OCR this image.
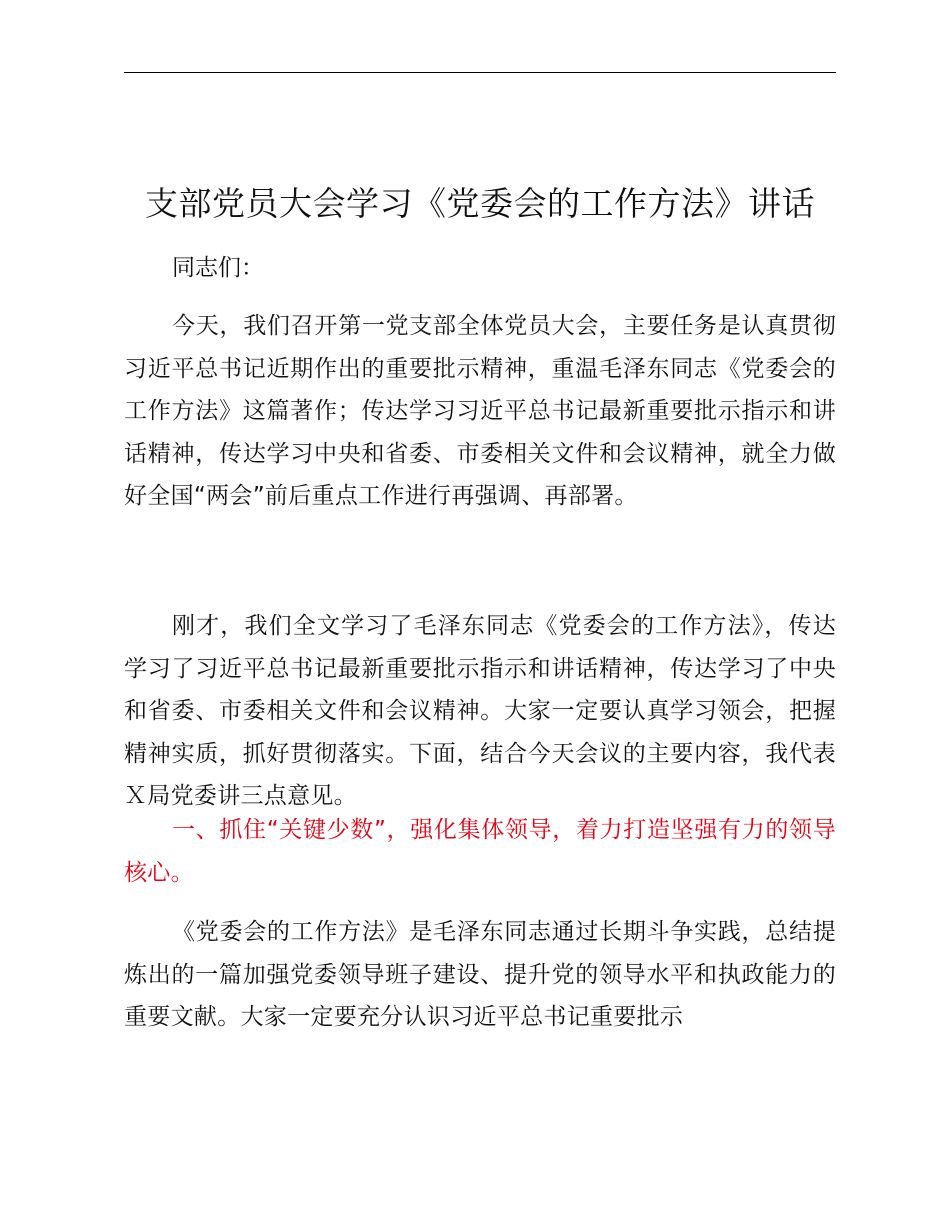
支部党员大会学习《党委会的工作方法》讲话

同志们：

今天，我们召开第一党支部全体党员大会，主要任务是认真贯彻习近平总书记近期作出的重要批示精神，重温毛泽东同志《党委会的工作方法》这篇著作；传达学习习近平总书记最新重要批示指示和讲话精神，传达学习中央和省委、市委相关文件和会议精神，就全力做好全国“两会”前后重点工作进行再强调、再部署。

刚才，我们全文学习了毛泽东同志《党委会的工作方法》，传达学习了习近平总书记最新重要批示指示和讲话精神，传达学习了中央和省委、市委相关文件和会议精神。大家一定要认真学习领会，把握精神实质，抓好贯彻落实。下面，结合今天会议的主要内容，我代表Ｘ局党委讲三点意见。

一、抓住“关键少数”，强化集体领导，着力打造坚强有力的领导核心。

《党委会的工作方法》是毛泽东同志通过长期斗争实践，总结提炼出的一篇加强党委领导班子建设、提升党的领导水平和执政能力的重要文献。大家一定要充分认识习近平总书记重要批示
